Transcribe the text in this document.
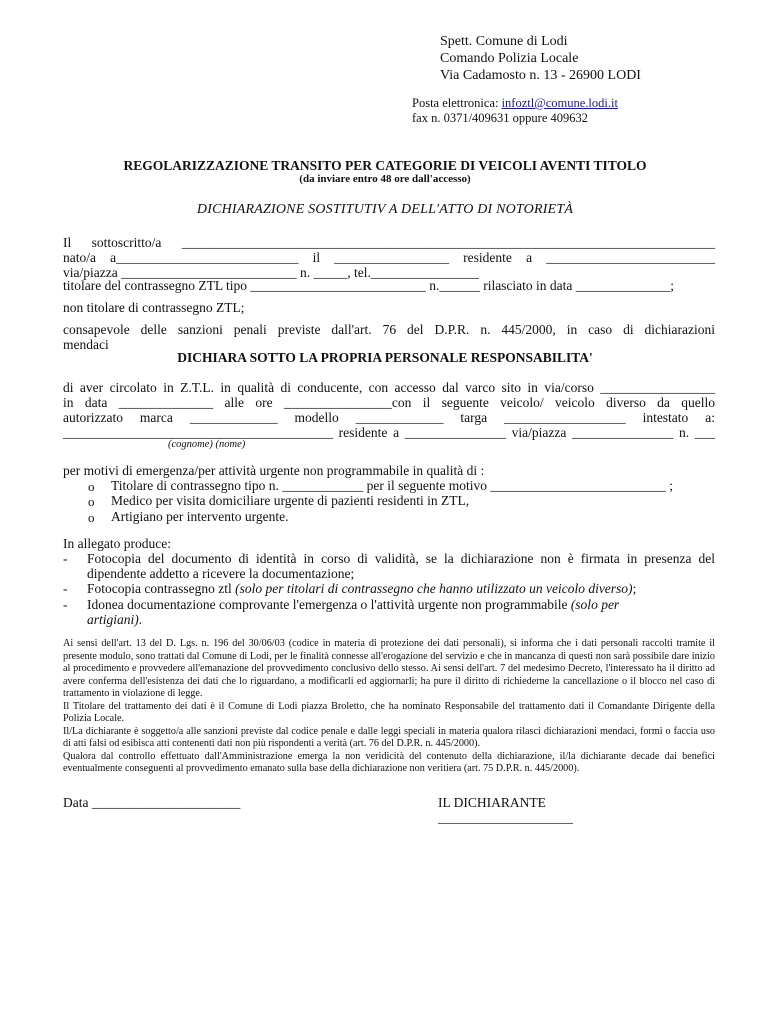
Spett. Comune di Lodi
Comando Polizia Locale
Via Cadamosto n. 13 - 26900 LODI
Posta elettronica: infoztl@comune.lodi.it
fax n. 0371/409631 oppure 409632
REGOLARIZZAZIONE TRANSITO PER CATEGORIE DI VEICOLI AVENTI TITOLO
(da inviare entro 48 ore dall'accesso)
DICHIARAZIONE SOSTITUTIV A DELL'ATTO DI NOTORIETÀ
Il sottoscritto/a _______________________________________________________________________________
nato/a a___________________________ il _________________ residente a _________________________
via/piazza __________________________ n. _____, tel.________________
titolare del contrassegno ZTL tipo __________________________ n.______ rilasciato in data ______________;
non titolare di contrassegno ZTL;
consapevole delle sanzioni penali previste dall'art. 76 del D.P.R. n. 445/2000, in caso di dichiarazioni
mendaci
DICHIARA SOTTO LA PROPRIA PERSONALE RESPONSABILITA'
di aver circolato in Z.T.L. in qualità di conducente, con accesso dal varco sito in via/corso _________________
in data ______________ alle ore ________________con il seguente veicolo/ veicolo diverso da quello
autorizzato marca _____________ modello _____________ targa __________________ intestato a:
________________________________________ residente a _______________ via/piazza _______________ n. ___
(cognome) (nome)
per motivi di emergenza/per attività urgente non programmabile in qualità di :
o Titolare di contrassegno tipo n. ____________ per il seguente motivo __________________________ ;
o Medico per visita domiciliare urgente di pazienti residenti in ZTL,
o Artigiano per intervento urgente.
In allegato produce:
- Fotocopia del documento di identità in corso di validità, se la dichiarazione non è firmata in presenza del
dipendente addetto a ricevere la documentazione;
- Fotocopia contrassegno ztl (solo per titolari di contrassegno che hanno utilizzato un veicolo diverso);
- Idonea documentazione comprovante l'emergenza o l'attività urgente non programmabile (solo per
artigiani).
Ai sensi dell'art. 13 del D. Lgs. n. 196 del 30/06/03 (codice in materia di protezione dei dati personali), si informa che i dati personali raccolti tramite il presente modulo, sono trattati dal Comune di Lodi, per le finalità connesse all'erogazione del servizio e che in mancanza di questi non sarà possibile dare inizio al procedimento e provvedere all'emanazione del provvedimento conclusivo dello stesso. Ai sensi dell'art. 7 del medesimo Decreto, l'interessato ha il diritto ad avere conferma dell'esistenza dei dati che lo riguardano, a modificarli ed aggiornarli; ha pure il diritto di richiederne la cancellazione o il blocco nel caso di trattamento in violazione di legge.
Il Titolare del trattamento dei dati è il Comune di Lodi piazza Broletto, che ha nominato Responsabile del trattamento dati il Comandante Dirigente della Polizia Locale.
Il/La dichiarante è soggetto/a alle sanzioni previste dal codice penale e dalle leggi speciali in materia qualora rilasci dichiarazioni mendaci, formi o faccia uso di atti falsi od esibisca atti contenenti dati non più rispondenti a verità (art. 76 del D.P.R. n. 445/2000).
Qualora dal controllo effettuato dall'Amministrazione emerga la non veridicità del contenuto della dichiarazione, il/la dichiarante decade dai benefici eventualmente conseguenti al provvedimento emanato sulla base della dichiarazione non veritiera (art. 75 D.P.R. n. 445/2000).
Data ______________________	IL DICHIARANTE
____________________
